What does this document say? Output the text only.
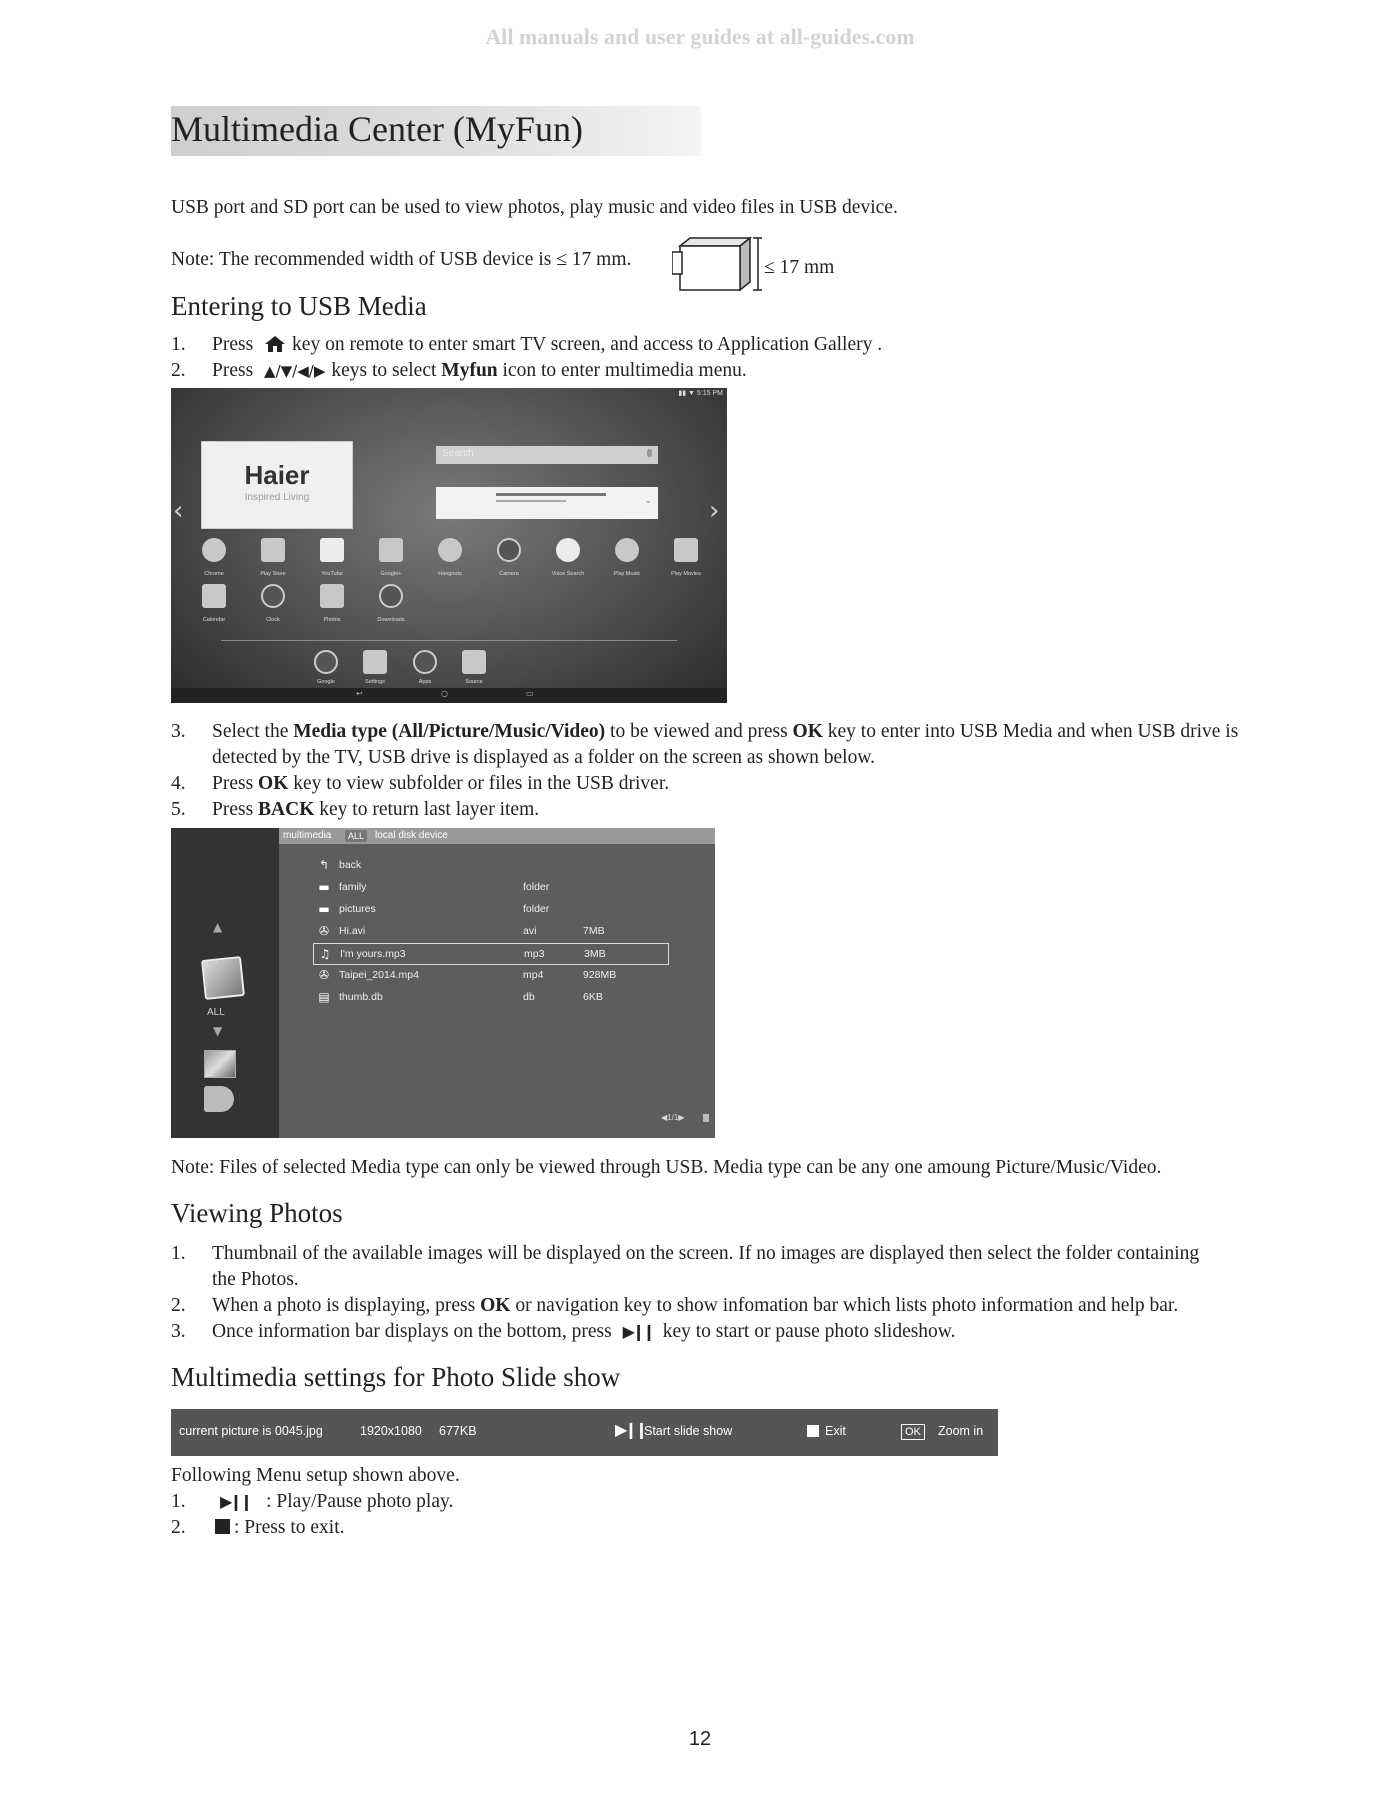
All manuals and user guides at all-guides.com
Multimedia Center (MyFun)
USB port and SD port can be used to view photos, play music and video files in USB device.
Note: The recommended width of USB device is ≤ 17 mm.	≤ 17 mm
Entering to USB Media
1. Press key on remote to enter smart TV screen, and access to Application Gallery .
2. Press ▲/▼/◀/▶ keys to select Myfun icon to enter multimedia menu.
▮▮ ▼ 5:15 PM
Haier
Inspired Living
Search
⌄
‹	›
Chrome	Play Store	YouTube	Google+	Hangouts	Camera	Voice Search	Play Music	Play Movies
Calendar	Clock	Photos	Downloads
Google	Settings	Apps	Source
↩	○	▭
3. Select the Media type (All/Picture/Music/Video) to be viewed and press OK key to enter into USB Media and when USB drive is detected by the TV, USB drive is displayed as a folder on the screen as shown below.
4. Press OK key to view subfolder or files in the USB driver.
5. Press BACK key to return last layer item.
▲
ALL
▼
multimedia	ALL	local disk device
↰ back
▬ family	folder
▬ pictures	folder
✇ Hi.avi	avi	7MB
♫ I'm yours.mp3	mp3	3MB
✇ Taipei_2014.mp4	mp4	928MB
▤ thumb.db	db	6KB
◀1/1▶
Note: Files of selected Media type can only be viewed through USB. Media type can be any one amoung Picture/Music/Video.
Viewing Photos
1. Thumbnail of the available images will be displayed on the screen. If no images are displayed then select the folder containing the Photos.
2. When a photo is displaying, press OK or navigation key to show infomation bar which lists photo information and help bar.
3. Once information bar displays on the bottom, press ▶❙❙ key to start or pause photo slideshow.
Multimedia settings for Photo Slide show
current picture is 0045.jpg	1920x1080 677KB	▶❙❙
Start slide show	Exit	OK	Zoom in
Following Menu setup shown above.
1.	▶❙❙ : Play/Pause photo play.
2.	: Press to exit.
12
